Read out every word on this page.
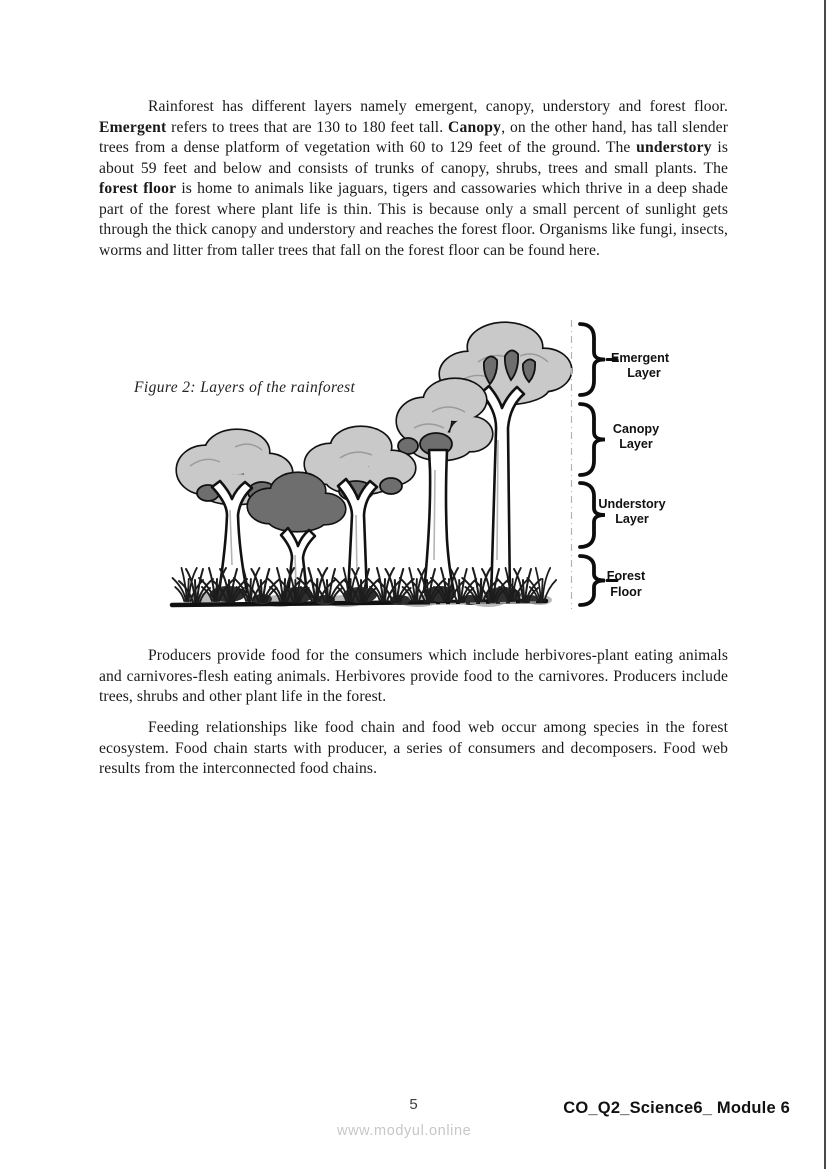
Rainforest has different layers namely emergent, canopy, understory and forest floor. Emergent refers to trees that are 130 to 180 feet tall. Canopy, on the other hand, has tall slender trees from a dense platform of vegetation with 60 to 129 feet of the ground. The understory is about 59 feet and below and consists of trunks of canopy, shrubs, trees and small plants. The forest floor is home to animals like jaguars, tigers and cassowaries which thrive in a deep shade part of the forest where plant life is thin. This is because only a small percent of sunlight gets through the thick canopy and understory and reaches the forest floor. Organisms like fungi, insects, worms and litter from taller trees that fall on the forest floor can be found here.

Figure 2: Layers of the rainforest
Emergent
Layer
Canopy
Layer
Understory
Layer
Forest
Floor

Producers provide food for the consumers which include herbivores-plant eating animals and carnivores-flesh eating animals. Herbivores provide food to the carnivores. Producers include trees, shrubs and other plant life in the forest.

Feeding relationships like food chain and food web occur among species in the forest ecosystem. Food chain starts with producer, a series of consumers and decomposers. Food web results from the interconnected food chains.

5	CO_Q2_Science6_ Module 6
www.modyul.online
